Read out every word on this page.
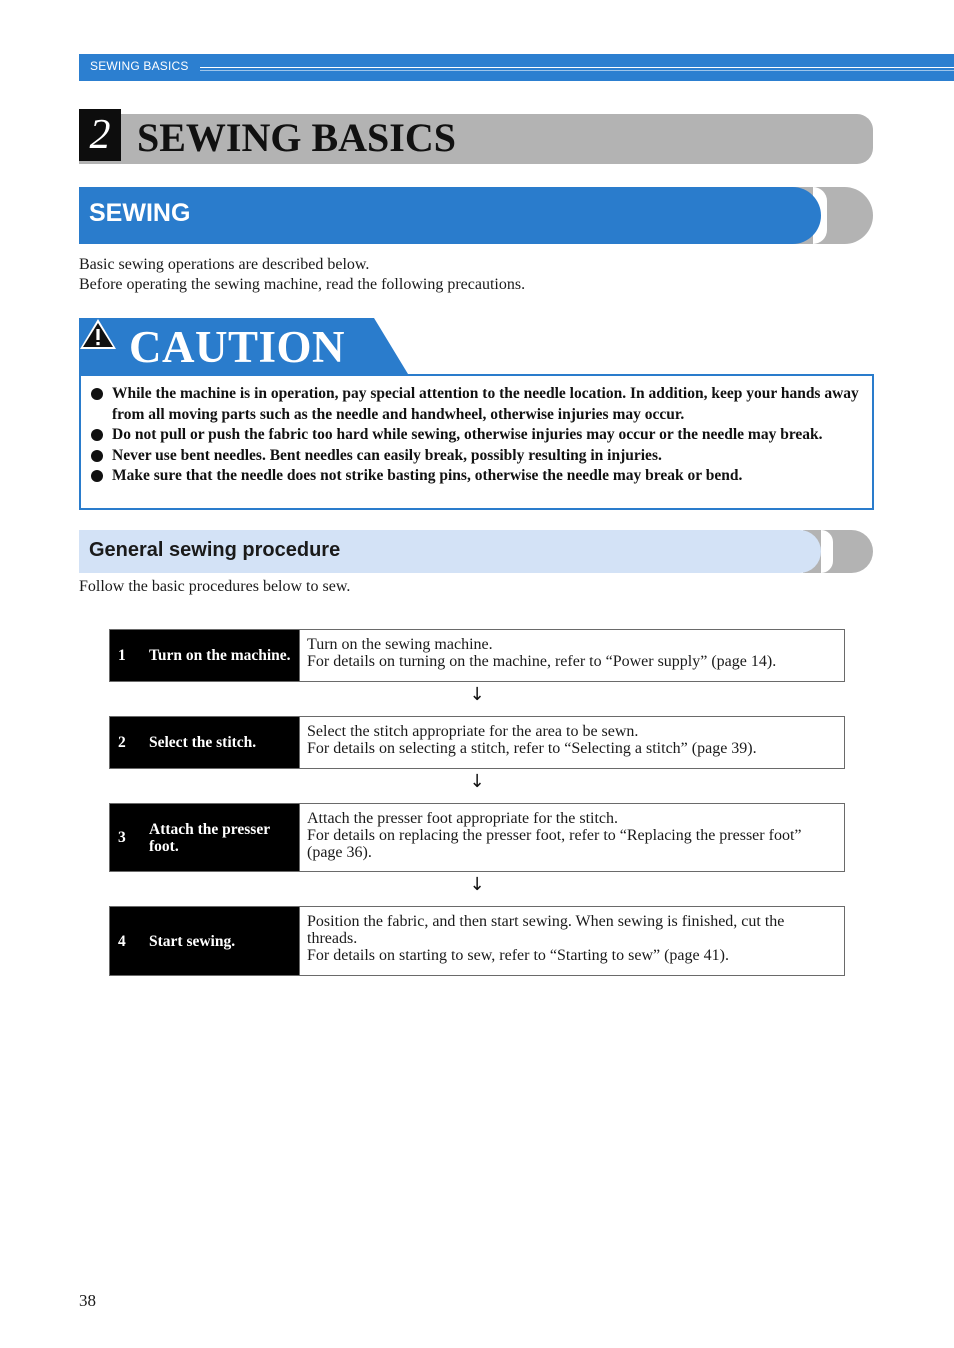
SEWING BASICS
2 SEWING BASICS
SEWING
Basic sewing operations are described below.
Before operating the sewing machine, read the following precautions.
CAUTION
While the machine is in operation, pay special attention to the needle location. In addition, keep your hands away from all moving parts such as the needle and handwheel, otherwise injuries may occur.
Do not pull or push the fabric too hard while sewing, otherwise injuries may occur or the needle may break.
Never use bent needles. Bent needles can easily break, possibly resulting in injuries.
Make sure that the needle does not strike basting pins, otherwise the needle may break or bend.
General sewing procedure
Follow the basic procedures below to sew.
1	Turn on the machine.
Turn on the sewing machine.
For details on turning on the machine, refer to “Power supply” (page 14).
↓
2	Select the stitch.
Select the stitch appropriate for the area to be sewn.
For details on selecting a stitch, refer to “Selecting a stitch” (page 39).
↓
3	Attach the presser foot.
Attach the presser foot appropriate for the stitch.
For details on replacing the presser foot, refer to “Replacing the presser foot” (page 36).
↓
4	Start sewing.
Position the fabric, and then start sewing. When sewing is finished, cut the threads.
For details on starting to sew, refer to “Starting to sew” (page 41).
38
